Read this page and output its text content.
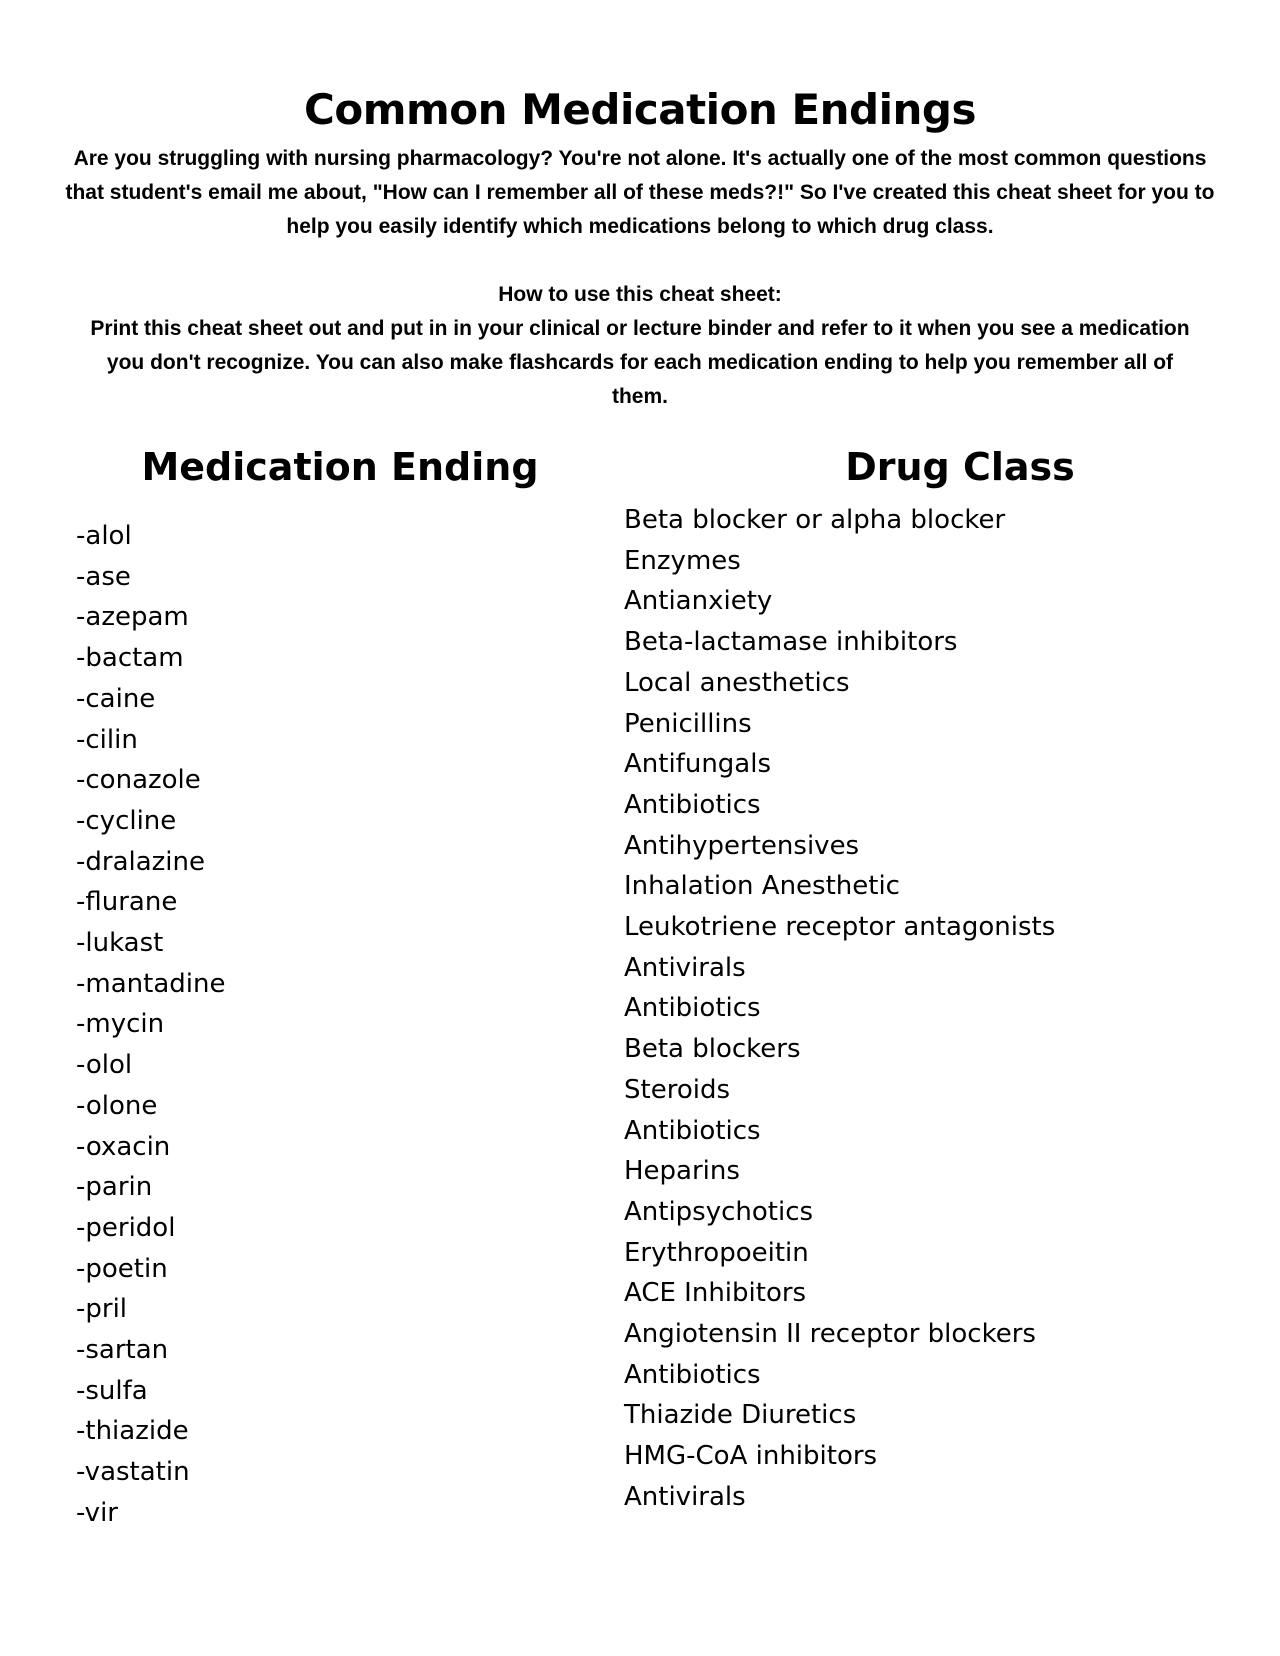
Common Medication Endings

Are you struggling with nursing pharmacology? You're not alone. It's actually one of the most common questions that student's email me about, "How can I remember all of these meds?!" So I've created this cheat sheet for you to help you easily identify which medications belong to which drug class.

How to use this cheat sheet:

Print this cheat sheet out and put in in your clinical or lecture binder and refer to it when you see a medication you don't recognize. You can also make flashcards for each medication ending to help you remember all of them.

Medication Ending	Drug Class
-alol
-ase
-azepam
-bactam
-caine
-cilin
-conazole
-cycline
-dralazine
-flurane
-lukast
-mantadine
-mycin
-olol
-olone
-oxacin
-parin
-peridol
-poetin
-pril
-sartan
-sulfa
-thiazide
-vastatin
-vir
Beta blocker or alpha blocker
Enzymes
Antianxiety
Beta-lactamase inhibitors
Local anesthetics
Penicillins
Antifungals
Antibiotics
Antihypertensives
Inhalation Anesthetic
Leukotriene receptor antagonists
Antivirals
Antibiotics
Beta blockers
Steroids
Antibiotics
Heparins
Antipsychotics
Erythropoeitin
ACE Inhibitors
Angiotensin II receptor blockers
Antibiotics
Thiazide Diuretics
HMG-CoA inhibitors
Antivirals
